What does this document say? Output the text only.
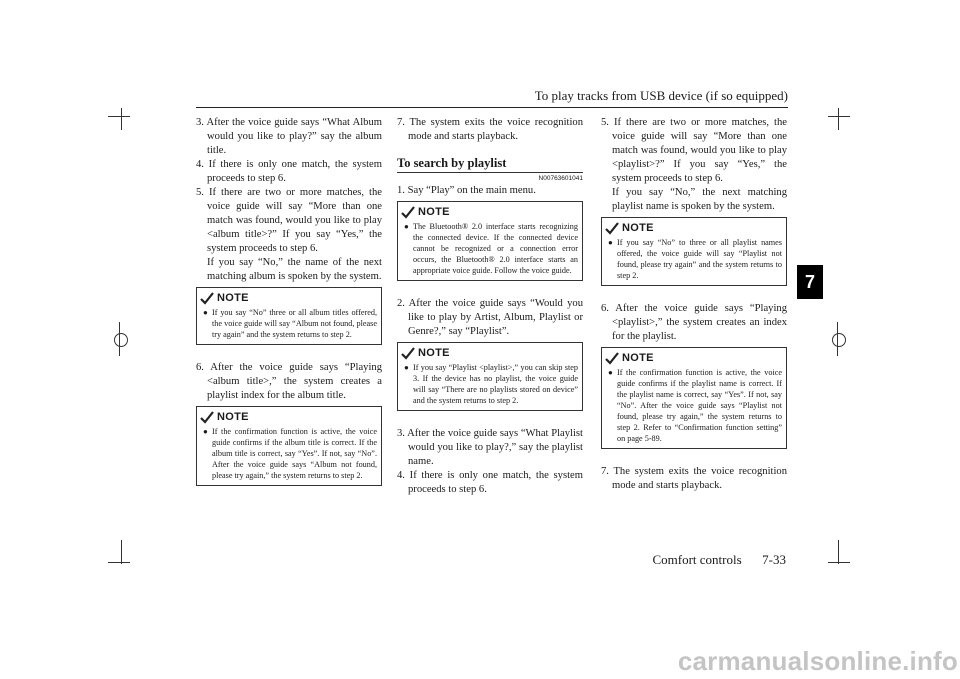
To play tracks from USB device (if so equipped)
7

3. After the voice guide says “What Album would you like to play?” say the album title.

4. If there is only one match, the system proceeds to step 6.

5. If there are two or more matches, the voice guide will say “More than one match was found, would you like to play <album title>?” If you say “Yes,” the system proceeds to step 6.

If you say “No,” the name of the next matching album is spoken by the system.

NOTE
● If you say “No” three or all album titles offered, the voice guide will say “Album not found, please try again” and the system returns to step 2.

6. After the voice guide says “Playing <album title>,” the system creates a playlist index for the album title.

NOTE
● If the confirmation function is active, the voice guide confirms if the album title is correct. If the album title is correct, say “Yes”. If not, say “No”. After the voice guide says “Album not found, please try again,” the system returns to step 2.

7. The system exits the voice recognition mode and starts playback.

To search by playlist

N00763601041

1. Say “Play” on the main menu.

NOTE
● The Bluetooth® 2.0 interface starts recognizing the connected device. If the connected device cannot be recognized or a connection error occurs, the Bluetooth® 2.0 interface starts an appropriate voice guide. Follow the voice guide.

2. After the voice guide says “Would you like to play by Artist, Album, Playlist or Genre?,” say “Playlist”.

NOTE
● If you say “Playlist <playlist>,” you can skip step 3. If the device has no playlist, the voice guide will say “There are no playlists stored on device” and the system returns to step 2.

3. After the voice guide says “What Playlist would you like to play?,” say the playlist name.

4. If there is only one match, the system proceeds to step 6.

5. If there are two or more matches, the voice guide will say “More than one match was found, would you like to play <playlist>?” If you say “Yes,” the system proceeds to step 6.

If you say “No,” the next matching playlist name is spoken by the system.

NOTE
● If you say “No” to three or all playlist names offered, the voice guide will say “Playlist not found, please try again” and the system returns to step 2.

6. After the voice guide says “Playing <playlist>,” the system creates an index for the playlist.

NOTE
● If the confirmation function is active, the voice guide confirms if the playlist name is correct. If the playlist name is correct, say “Yes”. If not, say “No”. After the voice guide says “Playlist not found, please try again,” the system returns to step 2. Refer to “Confirmation function setting” on page 5-89.

7. The system exits the voice recognition mode and starts playback.

Comfort controls 7-33
carmanualsonline.info
